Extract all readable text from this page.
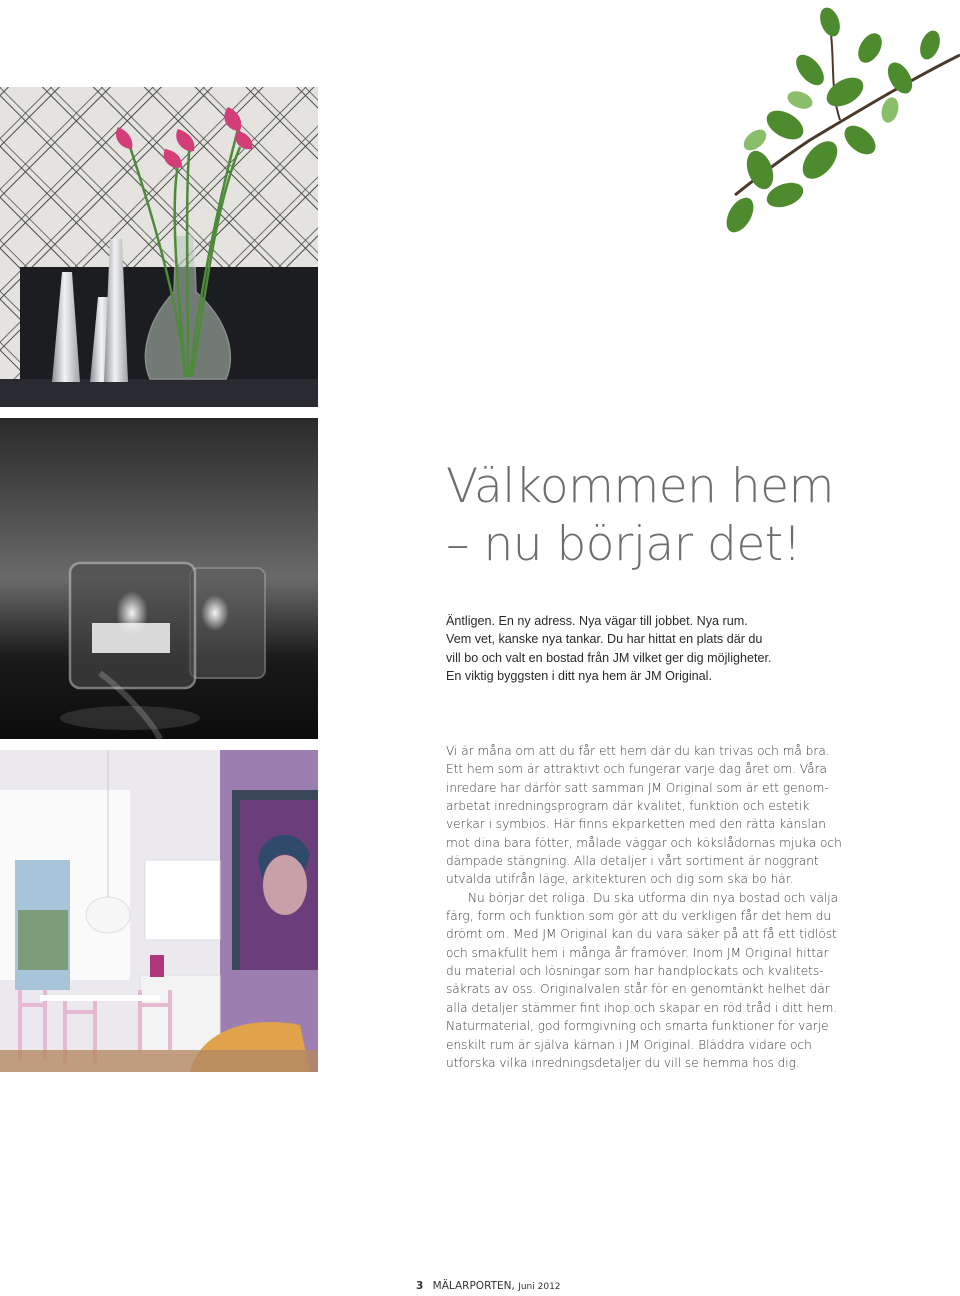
Välkommen hem
– nu börjar det!

Äntligen. En ny adress. Nya vägar till jobbet. Nya rum.
Vem vet, kanske nya tankar. Du har hittat en plats där du
vill bo och valt en bostad från JM vilket ger dig möjligheter.
En viktig byggsten i ditt nya hem är JM Original.

Vi är måna om att du får ett hem där du kan trivas och må bra.
Ett hem som är attraktivt och fungerar varje dag året om. Våra
inredare har därför satt samman JM Original som är ett genom-
arbetat inredningsprogram där kvalitet, funktion och estetik
verkar i symbios. Här finns ekparketten med den rätta känslan
mot dina bara fötter, målade väggar och kökslådornas mjuka och
dämpade stängning. Alla detaljer i vårt sortiment är noggrant
utvalda utifrån läge, arkitekturen och dig som ska bo här.
Nu börjar det roliga. Du ska utforma din nya bostad och välja
färg, form och funktion som gör att du verkligen får det hem du
drömt om. Med JM Original kan du vara säker på att få ett tidlöst
och smakfullt hem i många år framöver. Inom JM Original hittar
du material och lösningar som har handplockats och kvalitets-
säkrats av oss. Originalvalen står för en genomtänkt helhet där
alla detaljer stämmer fint ihop och skapar en röd tråd i ditt hem.
Naturmaterial, god formgivning och smarta funktioner för varje
enskilt rum är själva kärnan i JM Original. Bläddra vidare och
utforska vilka inredningsdetaljer du vill se hemma hos dig.
3 MÄLARPORTEN, Juni 2012
